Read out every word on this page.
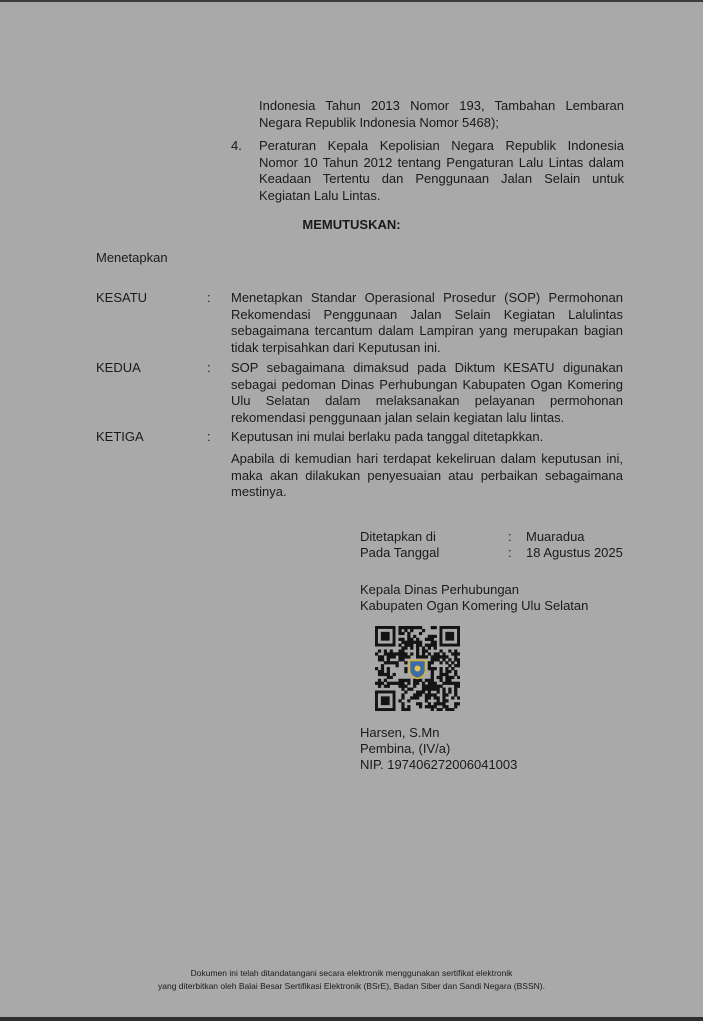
Indonesia Tahun 2013 Nomor 193, Tambahan Lembaran Negara Republik Indonesia Nomor 5468);
4. Peraturan Kepala Kepolisian Negara Republik Indonesia Nomor 10 Tahun 2012 tentang Pengaturan Lalu Lintas dalam Keadaan Tertentu dan Penggunaan Jalan Selain untuk Kegiatan Lalu Lintas.
MEMUTUSKAN:
Menetapkan
KESATU	: Menetapkan Standar Operasional Prosedur (SOP) Permohonan Rekomendasi Penggunaan Jalan Selain Kegiatan Lalulintas sebagaimana tercantum dalam Lampiran yang merupakan bagian tidak terpisahkan dari Keputusan ini.
KEDUA	: SOP sebagaimana dimaksud pada Diktum KESATU digunakan sebagai pedoman Dinas Perhubungan Kabupaten Ogan Komering Ulu Selatan dalam melaksanakan pelayanan permohonan rekomendasi penggunaan jalan selain kegiatan lalu lintas.
KETIGA	: Keputusan ini mulai berlaku pada tanggal ditetapkkan.
Apabila di kemudian hari terdapat kekeliruan dalam keputusan ini, maka akan dilakukan penyesuaian atau perbaikan sebagaimana mestinya.
Ditetapkan di	: Muaradua
Pada Tanggal	: 18 Agustus 2025
Kepala Dinas Perhubungan
Kabupaten Ogan Komering Ulu Selatan
Harsen, S.Mn
Pembina, (IV/a)
NIP. 197406272006041003
Dokumen ini telah ditandatangani secara elektronik menggunakan sertifikat elektronik
yang diterbitkan oleh Balai Besar Sertifikasi Elektronik (BSrE), Badan Siber dan Sandi Negara (BSSN).
